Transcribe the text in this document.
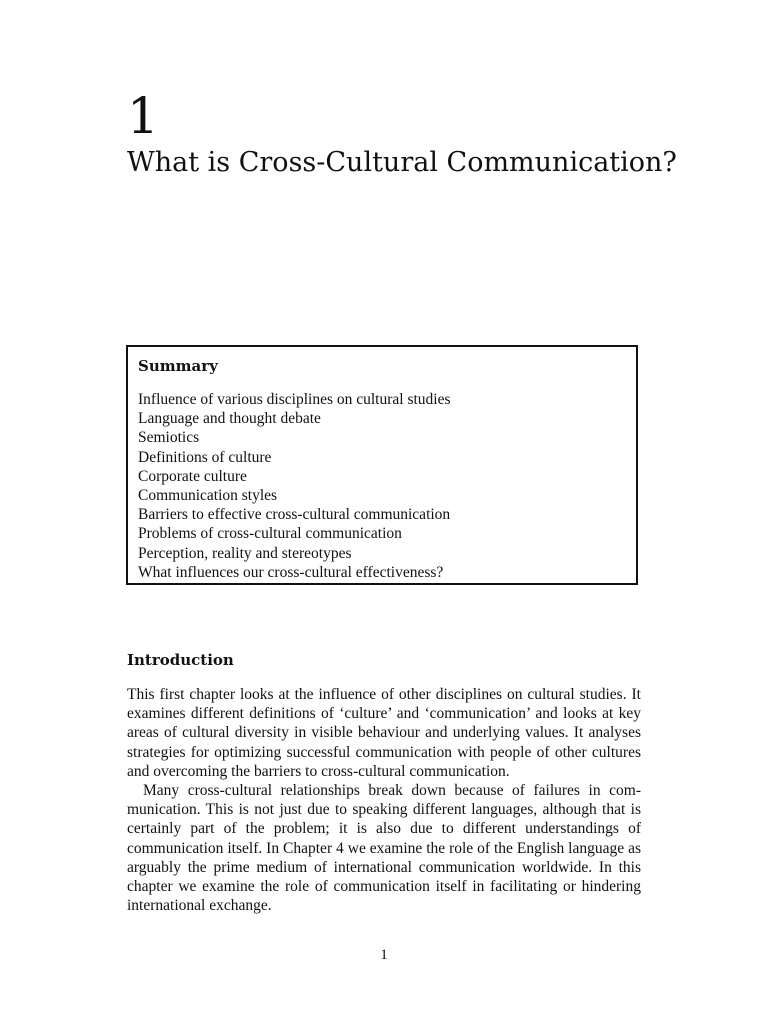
1
What is Cross-Cultural Communication?
Summary
Influence of various disciplines on cultural studies
Language and thought debate
Semiotics
Definitions of culture
Corporate culture
Communication styles
Barriers to effective cross-cultural communication
Problems of cross-cultural communication
Perception, reality and stereotypes
What influences our cross-cultural effectiveness?
Introduction

This first chapter looks at the influence of other disciplines on cultural studies. It examines different definitions of ‘culture’ and ‘communication’ and looks at key areas of cultural diversity in visible behaviour and underlying values. It analyses strategies for optimizing successful communication with people of other cultures and overcoming the barriers to cross-cultural communication.

Many cross-cultural relationships break down because of failures in communication. This is not just due to speaking different languages, although that is certainly part of the problem; it is also due to different understandings of communication itself. In Chapter 4 we examine the role of the English language as arguably the prime medium of international communication worldwide. In this chapter we examine the role of communication itself in facilitating or hindering international exchange.

1
